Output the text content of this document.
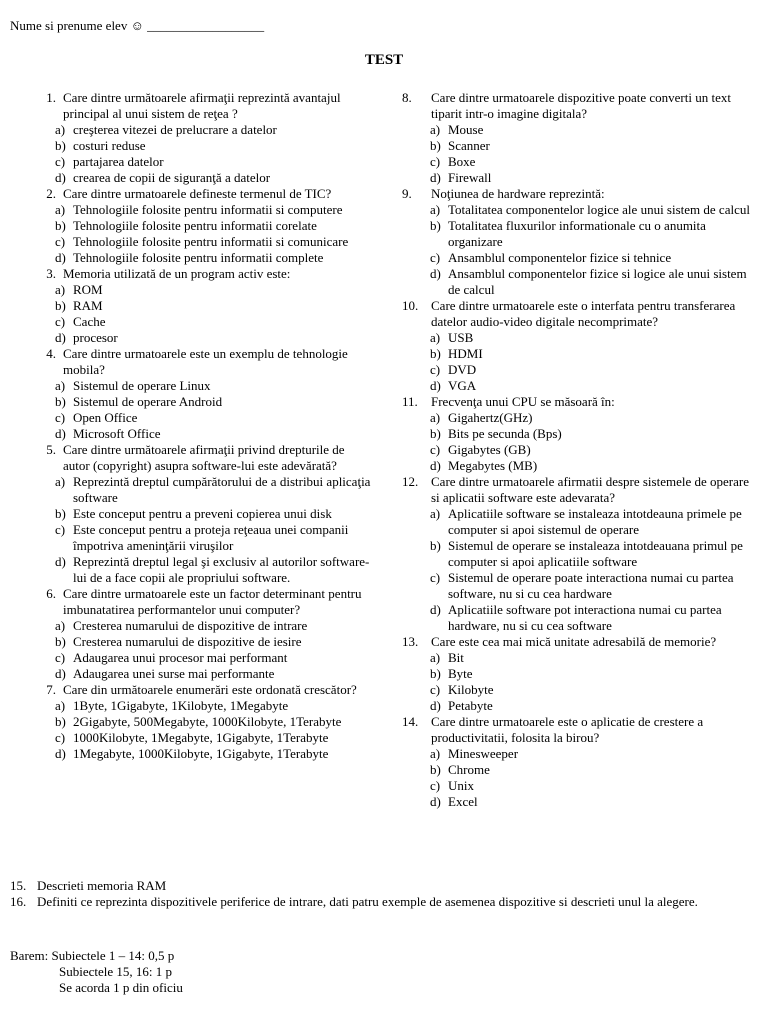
Nume si prenume elev ☺ __________________
TEST
1. Care dintre următoarele afirmaţii reprezintă avantajul principal al unui sistem de reţea ?
a) creşterea vitezei de prelucrare a datelor
b) costuri reduse
c) partajarea datelor
d) crearea de copii de siguranţă a datelor
2. Care dintre urmatoarele defineste termenul de TIC?
a) Tehnologiile folosite pentru informatii si computere
b) Tehnologiile folosite pentru informatii corelate
c) Tehnologiile folosite pentru informatii si comunicare
d) Tehnologiile folosite pentru informatii complete
3. Memoria utilizată de un program activ este:
a) ROM
b) RAM
c) Cache
d) procesor
4. Care dintre urmatoarele este un exemplu de tehnologie mobila?
a) Sistemul de operare Linux
b) Sistemul de operare Android
c) Open Office
d) Microsoft Office
5. Care dintre următoarele afirmaţii privind drepturile de autor (copyright) asupra software-lui este adevărată?
a) Reprezintă dreptul cumpărătorului de a distribui aplicaţia software
b) Este conceput pentru a preveni copierea unui disk
c) Este conceput pentru a proteja reţeaua unei companii împotriva ameninţării viruşilor
d) Reprezintă dreptul legal şi exclusiv al autorilor software-lui de a face copii ale propriului software.
6. Care dintre urmatoarele este un factor determinant pentru imbunatatirea performantelor unui computer?
a) Cresterea numarului de dispozitive de intrare
b) Cresterea numarului de dispozitive de iesire
c) Adaugarea unui procesor mai performant
d) Adaugarea unei surse mai performante
7. Care din următoarele enumerări este ordonată crescător?
a) 1Byte, 1Gigabyte, 1Kilobyte, 1Megabyte
b) 2Gigabyte, 500Megabyte, 1000Kilobyte, 1Terabyte
c) 1000Kilobyte, 1Megabyte, 1Gigabyte, 1Terabyte
d) 1Megabyte, 1000Kilobyte, 1Gigabyte, 1Terabyte
8.	Care dintre urmatoarele dispozitive poate converti un text tiparit intr-o imagine digitala?
a) Mouse
b) Scanner
c) Boxe
d) Firewall
9.	Noţiunea de hardware reprezintă:
a) Totalitatea componentelor logice ale unui sistem de calcul
b) Totalitatea fluxurilor informationale cu o anumita organizare
c) Ansamblul componentelor fizice si tehnice
d) Ansamblul componentelor fizice si logice ale unui sistem de calcul
10. Care dintre urmatoarele este o interfata pentru transferarea datelor audio-video digitale necomprimate?
a) USB
b) HDMI
c) DVD
d) VGA
11.	Frecvenţa unui CPU se măsoară în:
a) Gigahertz(GHz)
b) Bits pe secunda (Bps)
c) Gigabytes (GB)
d) Megabytes (MB)
12. Care dintre urmatoarele afirmatii despre sistemele de operare si aplicatii software este adevarata?
a) Aplicatiile software se instaleaza intotdeauna primele pe computer si apoi sistemul de operare
b) Sistemul de operare se instaleaza intotdeauana primul pe computer si apoi aplicatiile software
c) Sistemul de operare poate interactiona numai cu partea software, nu si cu cea hardware
d) Aplicatiile software pot interactiona numai cu partea hardware, nu si cu cea software
13. Care este cea mai mică unitate adresabilă de memorie?
a) Bit
b) Byte
c) Kilobyte
d) Petabyte
14. Care dintre urmatoarele este o aplicatie de crestere a productivitatii, folosita la birou?
a) Minesweeper
b) Chrome
c) Unix
d) Excel
15. Descrieti memoria RAM
16. Definiti ce reprezinta dispozitivele periferice de intrare, dati patru exemple de asemenea dispozitive si descrieti unul la alegere.
Barem: Subiectele 1 – 14: 0,5 p
Subiectele 15, 16: 1 p
Se acorda 1 p din oficiu
